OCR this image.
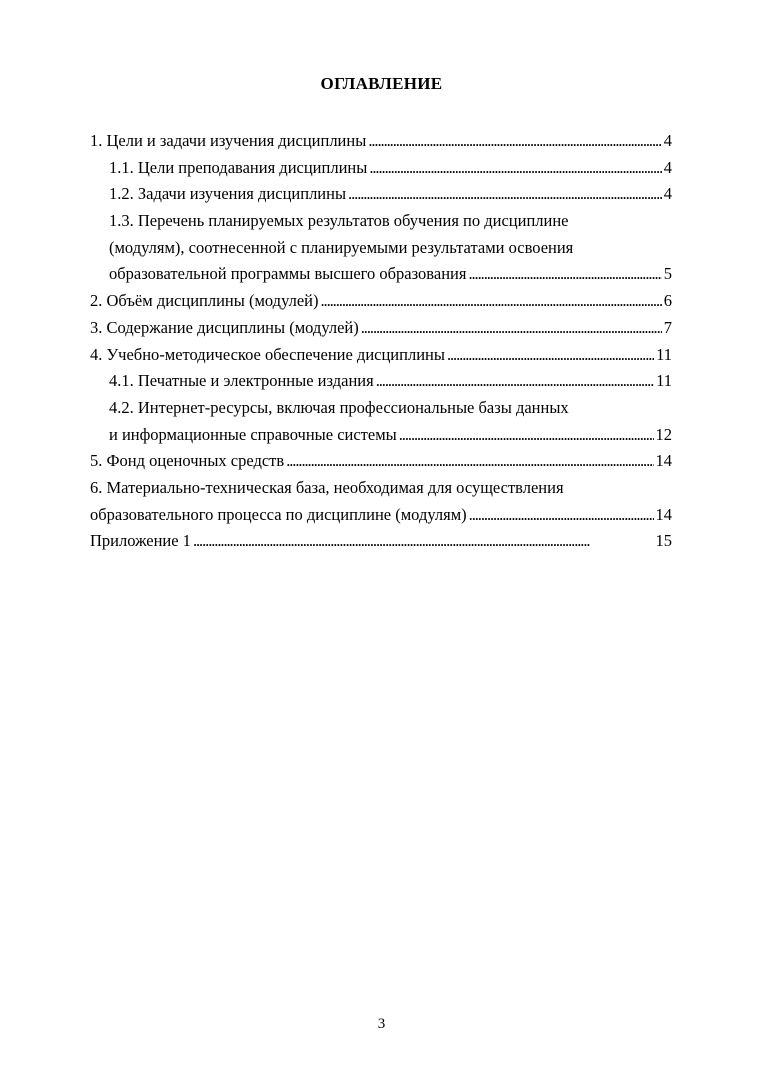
ОГЛАВЛЕНИЕ
1. Цели и задачи изучения дисциплины . . .	4
1.1. Цели преподавания дисциплины . . .	4
1.2. Задачи изучения дисциплины . . .	4
1.3. Перечень планируемых результатов обучения по дисциплине
(модулям), соотнесенной с планируемыми результатами освоения
образовательной программы высшего образования . . .	5
2. Объём дисциплины (модулей) . . .	6
3. Содержание дисциплины (модулей) . . .	7
4. Учебно-методическое обеспечение дисциплины . . .	11
4.1. Печатные и электронные издания . . .	11
4.2. Интернет-ресурсы, включая профессиональные базы данных
и информационные справочные системы . . .	12
5. Фонд оценочных средств . . .	14
6. Материально-техническая база, необходимая для осуществления
образовательного процесса по дисциплине (модулям) . . .	14
Приложение 1 . . .	15
3
